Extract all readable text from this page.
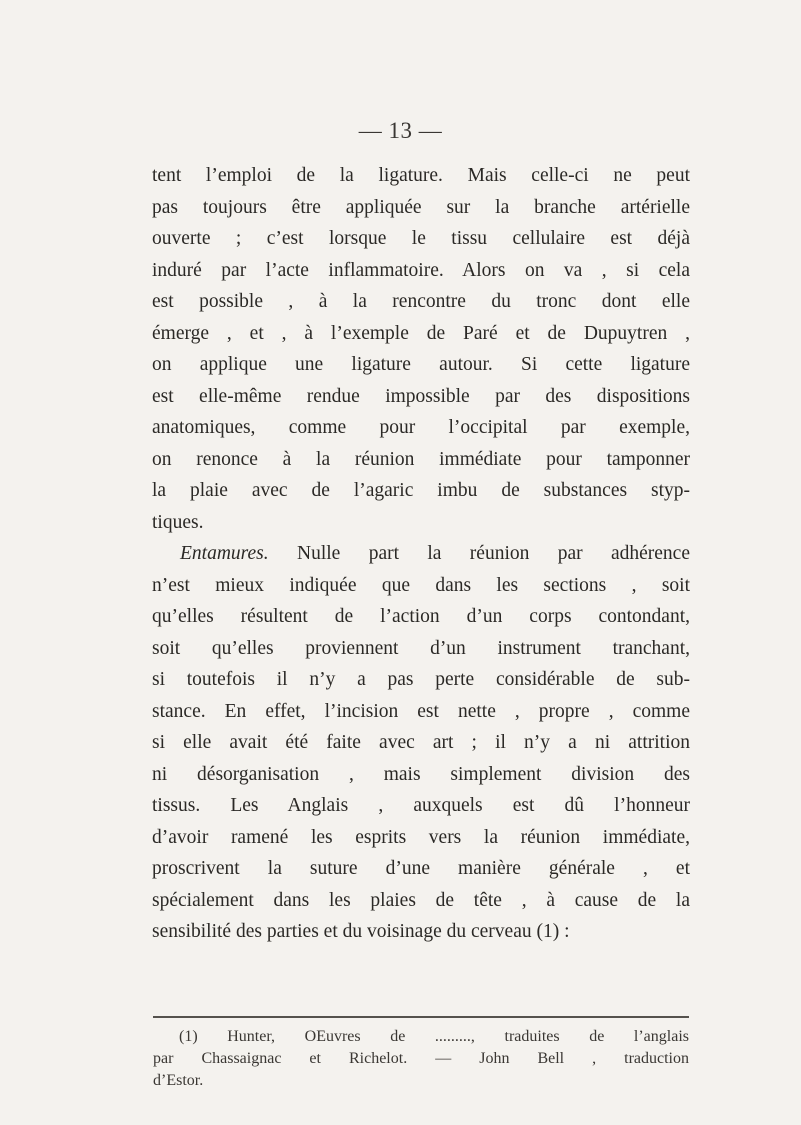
— 13 —
tent l’emploi de la ligature. Mais celle-ci ne peut
pas toujours être appliquée sur la branche artérielle
ouverte ; c’est lorsque le tissu cellulaire est déjà
induré par l’acte inflammatoire. Alors on va , si cela
est possible , à la rencontre du tronc dont elle
émerge , et , à l’exemple de Paré et de Dupuytren ,
on applique une ligature autour. Si cette ligature
est elle-même rendue impossible par des dispositions
anatomiques, comme pour l’occipital par exemple,
on renonce à la réunion immédiate pour tamponner
la plaie avec de l’agaric imbu de substances styp-
tiques.
Entamures. Nulle part la réunion par adhérence
n’est mieux indiquée que dans les sections , soit
qu’elles résultent de l’action d’un corps contondant,
soit qu’elles proviennent d’un instrument tranchant,
si toutefois il n’y a pas perte considérable de sub-
stance. En effet, l’incision est nette , propre , comme
si elle avait été faite avec art ; il n’y a ni attrition
ni désorganisation , mais simplement division des
tissus. Les Anglais , auxquels est dû l’honneur
d’avoir ramené les esprits vers la réunion immédiate,
proscrivent la suture d’une manière générale , et
spécialement dans les plaies de tête , à cause de la
sensibilité des parties et du voisinage du cerveau (1) :
(1) Hunter, OEuvres de ........., traduites de l’anglais
par Chassaignac et Richelot. — John Bell , traduction
d’Estor.
